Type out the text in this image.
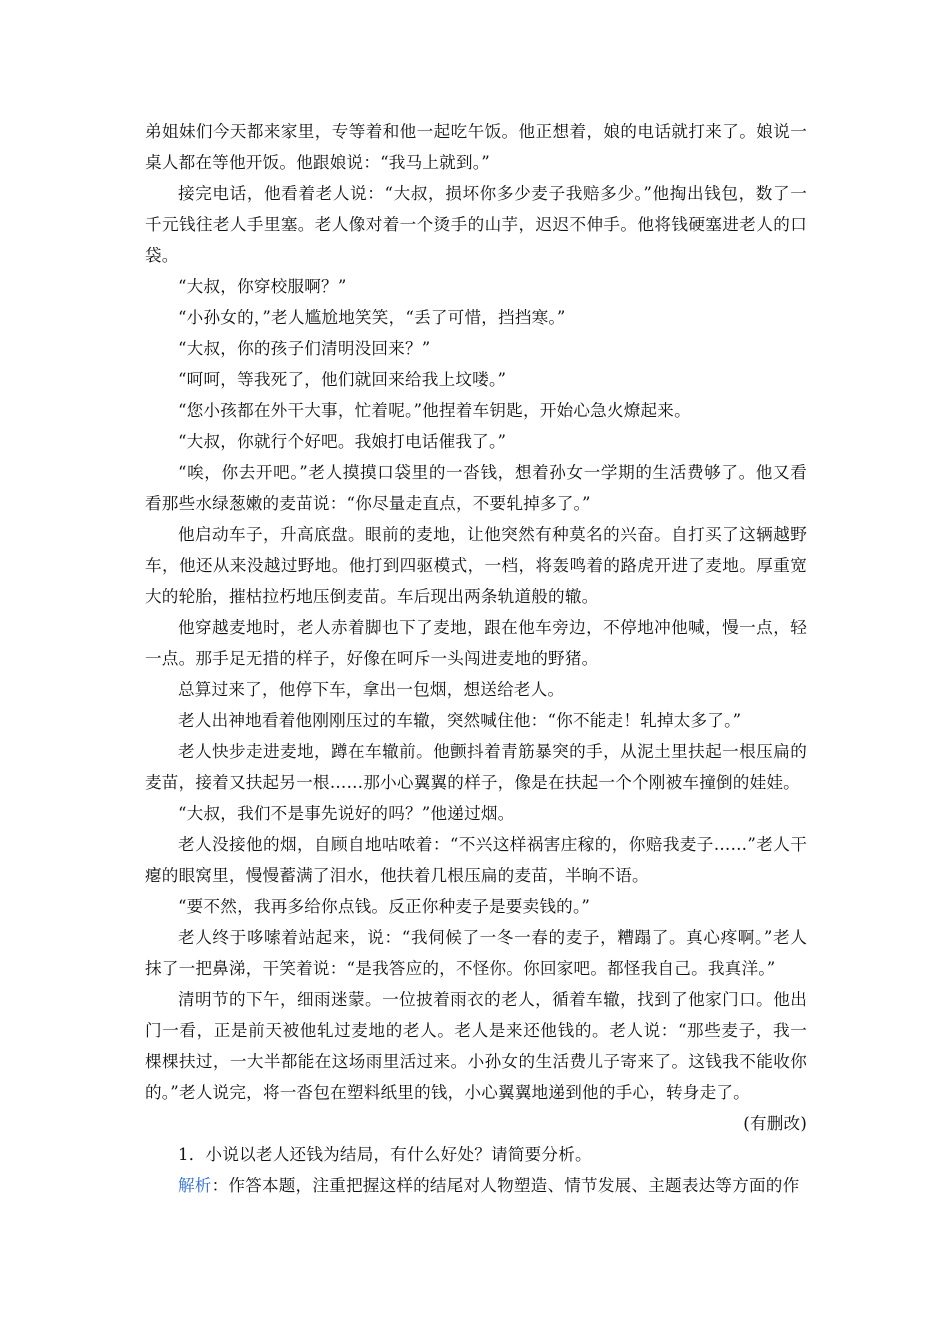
弟姐妹们今天都来家里，专等着和他一起吃午饭。他正想着，娘的电话就打来了。娘说一桌人都在等他开饭。他跟娘说：“我马上就到。”

接完电话，他看着老人说：“大叔，损坏你多少麦子我赔多少。”他掏出钱包，数了一千元钱往老人手里塞。老人像对着一个烫手的山芋，迟迟不伸手。他将钱硬塞进老人的口袋。

“大叔，你穿校服啊？”

“小孙女的，”老人尴尬地笑笑，“丢了可惜，挡挡寒。”

“大叔，你的孩子们清明没回来？”

“呵呵，等我死了，他们就回来给我上坟喽。”

“您小孩都在外干大事，忙着呢。”他捏着车钥匙，开始心急火燎起来。

“大叔，你就行个好吧。我娘打电话催我了。”

“唉，你去开吧。”老人摸摸口袋里的一沓钱，想着孙女一学期的生活费够了。他又看看那些水绿葱嫩的麦苗说：“你尽量走直点，不要轧掉多了。”

他启动车子，升高底盘。眼前的麦地，让他突然有种莫名的兴奋。自打买了这辆越野车，他还从来没越过野地。他打到四驱模式，一档，将轰鸣着的路虎开进了麦地。厚重宽大的轮胎，摧枯拉朽地压倒麦苗。车后现出两条轨道般的辙。

他穿越麦地时，老人赤着脚也下了麦地，跟在他车旁边，不停地冲他喊，慢一点，轻一点。那手足无措的样子，好像在呵斥一头闯进麦地的野猪。

总算过来了，他停下车，拿出一包烟，想送给老人。

老人出神地看着他刚刚压过的车辙，突然喊住他：“你不能走！轧掉太多了。”

老人快步走进麦地，蹲在车辙前。他颤抖着青筋暴突的手，从泥土里扶起一根压扁的麦苗，接着又扶起另一根……那小心翼翼的样子，像是在扶起一个个刚被车撞倒的娃娃。

“大叔，我们不是事先说好的吗？”他递过烟。

老人没接他的烟，自顾自地咕哝着：“不兴这样祸害庄稼的，你赔我麦子……”老人干瘪的眼窝里，慢慢蓄满了泪水，他扶着几根压扁的麦苗，半晌不语。

“要不然，我再多给你点钱。反正你种麦子是要卖钱的。”

老人终于哆嗦着站起来，说：“我伺候了一冬一春的麦子，糟蹋了。真心疼啊。”老人抹了一把鼻涕，干笑着说：“是我答应的，不怪你。你回家吧。都怪我自己。我真洋。”

清明节的下午，细雨迷蒙。一位披着雨衣的老人，循着车辙，找到了他家门口。他出门一看，正是前天被他轧过麦地的老人。老人是来还他钱的。老人说：“那些麦子，我一棵棵扶过，一大半都能在这场雨里活过来。小孙女的生活费儿子寄来了。这钱我不能收你的。”老人说完，将一沓包在塑料纸里的钱，小心翼翼地递到他的手心，转身走了。

(有删改)

1．小说以老人还钱为结局，有什么好处？请简要分析。

解析：作答本题，注重把握这样的结尾对人物塑造、情节发展、主题表达等方面的作
